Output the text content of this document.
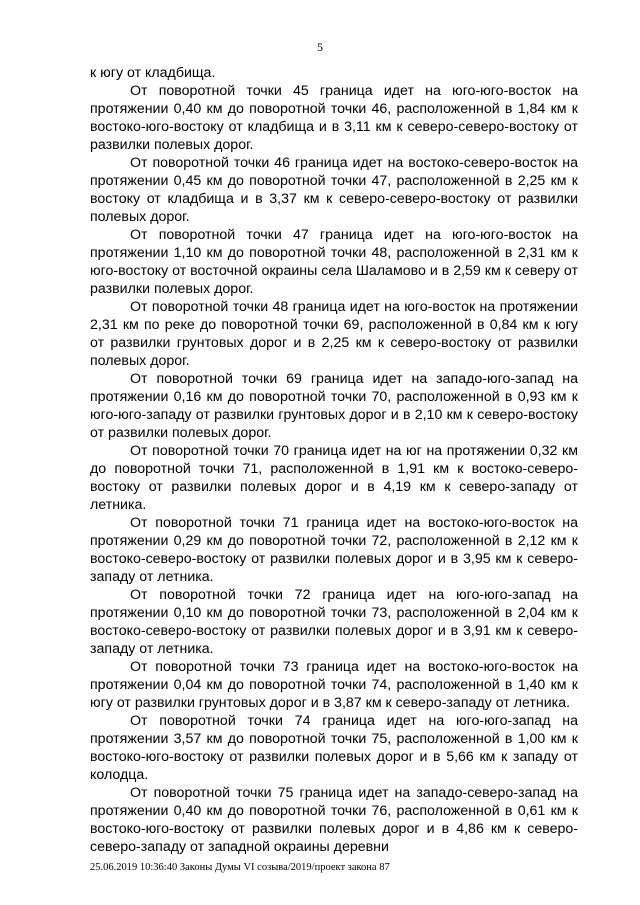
5

к югу от кладбища.

От поворотной точки 45 граница идет на юго-юго-восток на протяжении 0,40 км до поворотной точки 46, расположенной в 1,84 км к востоко-юго-востоку от кладбища и в 3,11 км к северо-северо-востоку от развилки полевых дорог.

От поворотной точки 46 граница идет на востоко-северо-восток на протяжении 0,45 км до поворотной точки 47, расположенной в 2,25 км к востоку от кладбища и в 3,37 км к северо-северо-востоку от развилки полевых дорог.

От поворотной точки 47 граница идет на юго-юго-восток на протяжении 1,10 км до поворотной точки 48, расположенной в 2,31 км к юго-востоку от восточной окраины села Шаламово и в 2,59 км к северу от развилки полевых дорог.

От поворотной точки 48 граница идет на юго-восток на протяжении 2,31 км по реке до поворотной точки 69, расположенной в 0,84 км к югу от развилки грунтовых дорог и в 2,25 км к северо-востоку от развилки полевых дорог.

От поворотной точки 69 граница идет на западо-юго-запад на протяжении 0,16 км до поворотной точки 70, расположенной в 0,93 км к юго-юго-западу от развилки грунтовых дорог и в 2,10 км к северо-востоку от развилки полевых дорог.

От поворотной точки 70 граница идет на юг на протяжении 0,32 км до поворотной точки 71, расположенной в 1,91 км к востоко-северо-востоку от развилки полевых дорог и в 4,19 км к северо-западу от летника.

От поворотной точки 71 граница идет на востоко-юго-восток на протяжении 0,29 км до поворотной точки 72, расположенной в 2,12 км к востоко-северо-востоку от развилки полевых дорог и в 3,95 км к северо-западу от летника.

От поворотной точки 72 граница идет на юго-юго-запад на протяжении 0,10 км до поворотной точки 73, расположенной в 2,04 км к востоко-северо-востоку от развилки полевых дорог и в 3,91 км к северо-западу от летника.

От поворотной точки 73 граница идет на востоко-юго-восток на протяжении 0,04 км до поворотной точки 74, расположенной в 1,40 км к югу от развилки грунтовых дорог и в 3,87 км к северо-западу от летника.

От поворотной точки 74 граница идет на юго-юго-запад на протяжении 3,57 км до поворотной точки 75, расположенной в 1,00 км к востоко-юго-востоку от развилки полевых дорог и в 5,66 км к западу от колодца.

От поворотной точки 75 граница идет на западо-северо-запад на протяжении 0,40 км до поворотной точки 76, расположенной в 0,61 км к востоко-юго-востоку от развилки полевых дорог и в 4,86 км к северо-северо-западу от западной окраины деревни

25.06.2019 10:36:40 Законы Думы VI созыва/2019/проект закона 87
